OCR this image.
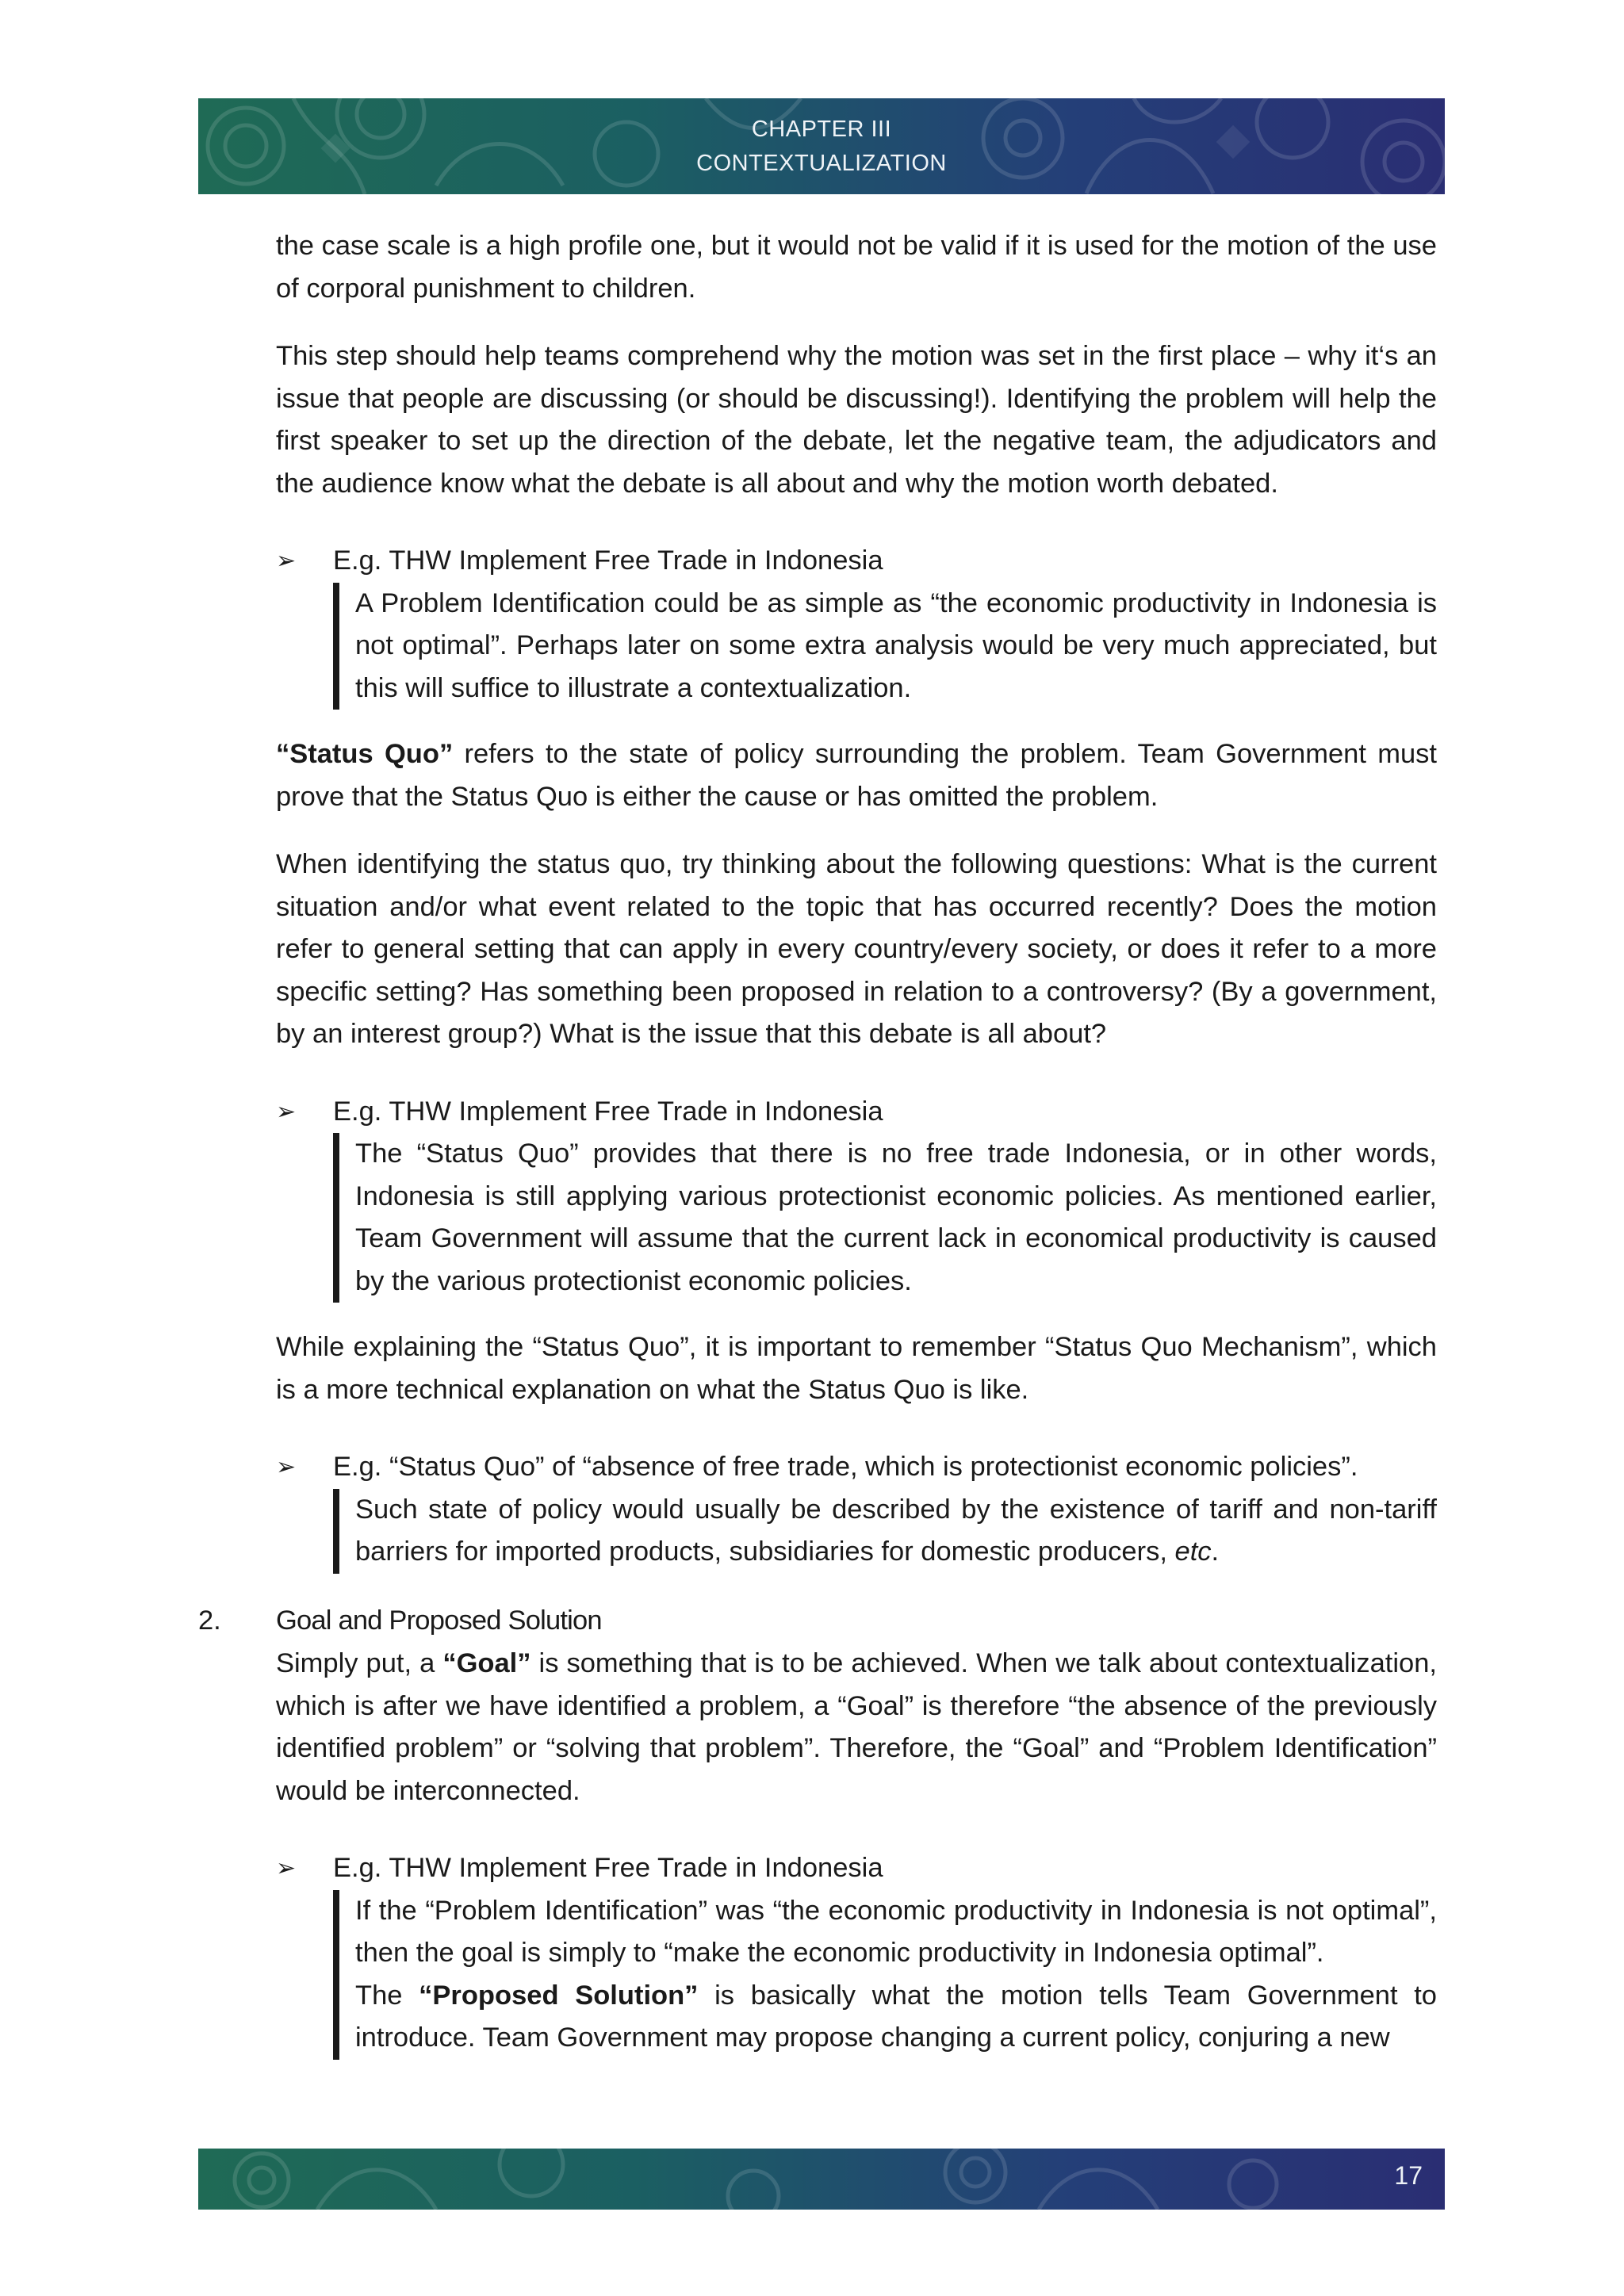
CHAPTER III
CONTEXTUALIZATION

the case scale is a high profile one, but it would not be valid if it is used for the motion of the use of corporal punishment to children.

This step should help teams comprehend why the motion was set in the first place – why it‘s an issue that people are discussing (or should be discussing!). Identifying the problem will help the first speaker to set up the direction of the debate, let the negative team, the adjudicators and the audience know what the debate is all about and why the motion worth debated.

➢ E.g. THW Implement Free Trade in Indonesia

A Problem Identification could be as simple as “the economic productivity in Indonesia is not optimal”. Perhaps later on some extra analysis would be very much appreciated, but this will suffice to illustrate a contextualization.

“Status Quo” refers to the state of policy surrounding the problem. Team Government must prove that the Status Quo is either the cause or has omitted the problem.

When identifying the status quo, try thinking about the following questions: What is the current situation and/or what event related to the topic that has occurred recently? Does the motion refer to general setting that can apply in every country/every society, or does it refer to a more specific setting? Has something been proposed in relation to a controversy? (By a government, by an interest group?) What is the issue that this debate is all about?

➢ E.g. THW Implement Free Trade in Indonesia

The “Status Quo” provides that there is no free trade Indonesia, or in other words, Indonesia is still applying various protectionist economic policies. As mentioned earlier, Team Government will assume that the current lack in economical productivity is caused by the various protectionist economic policies.

While explaining the “Status Quo”, it is important to remember “Status Quo Mechanism”, which is a more technical explanation on what the Status Quo is like.

➢ E.g. “Status Quo” of “absence of free trade, which is protectionist economic policies”.

Such state of policy would usually be described by the existence of tariff and non-tariff barriers for imported products, subsidiaries for domestic producers, etc.

2. Goal and Proposed Solution

Simply put, a “Goal” is something that is to be achieved. When we talk about contextualization, which is after we have identified a problem, a “Goal” is therefore “the absence of the previously identified problem” or “solving that problem”. Therefore, the “Goal” and “Problem Identification” would be interconnected.

➢ E.g. THW Implement Free Trade in Indonesia

If the “Problem Identification” was “the economic productivity in Indonesia is not optimal”, then the goal is simply to “make the economic productivity in Indonesia optimal”.

The “Proposed Solution” is basically what the motion tells Team Government to introduce. Team Government may propose changing a current policy, conjuring a new

17
